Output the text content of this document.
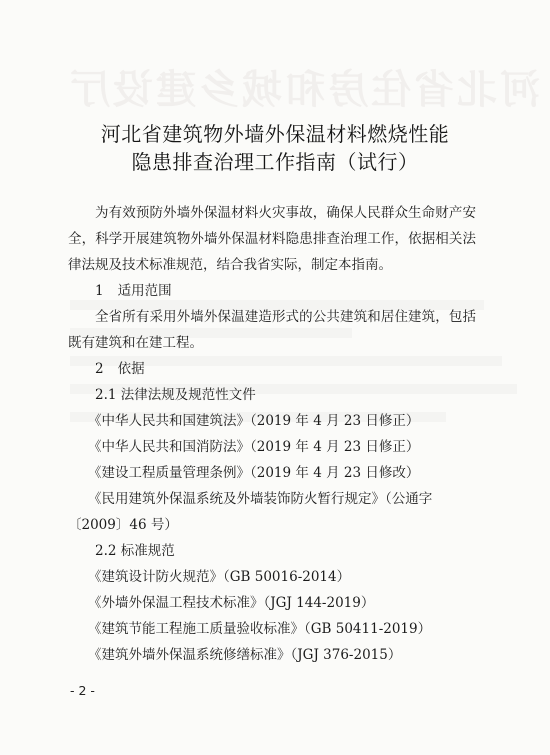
河北省住房和城乡建设厅
河北省建筑物外墙外保温材料燃烧性能
隐患排查治理工作指南（试行）

为有效预防外墙外保温材料火灾事故，确保人民群众生命财产安全，科学开展建筑物外墙外保温材料隐患排查治理工作，依据相关法律法规及技术标准规范，结合我省实际，制定本指南。

1 适用范围

全省所有采用外墙外保温建造形式的公共建筑和居住建筑，包括既有建筑和在建工程。

2 依据

2.1 法律法规及规范性文件

《中华人民共和国建筑法》（2019 年 4 月 23 日修正）

《中华人民共和国消防法》（2019 年 4 月 23 日修正）

《建设工程质量管理条例》（2019 年 4 月 23 日修改）

《民用建筑外保温系统及外墙装饰防火暂行规定》（公通字

〔2009〕46 号）

2.2 标准规范

《建筑设计防火规范》（GB 50016-2014）

《外墙外保温工程技术标准》（JGJ 144-2019）

《建筑节能工程施工质量验收标准》（GB 50411-2019）

《建筑外墙外保温系统修缮标准》（JGJ 376-2015）

- 2 -
